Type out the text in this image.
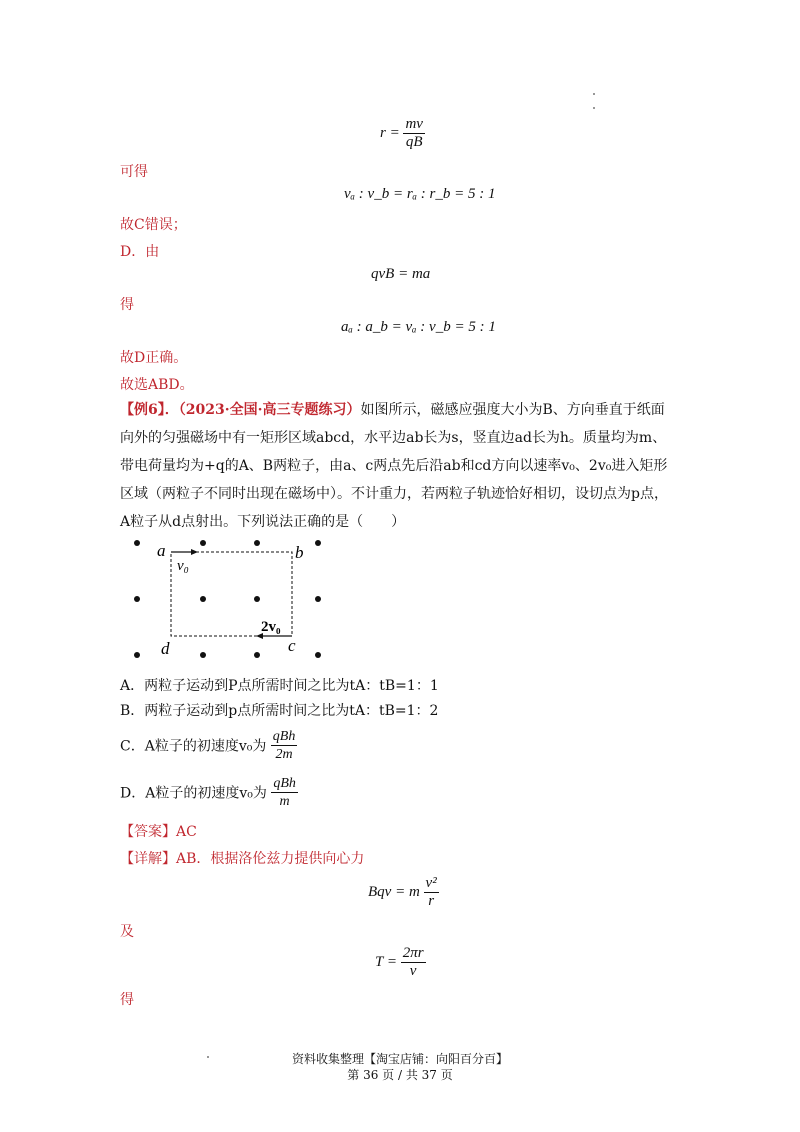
$r = \frac{mv}{qB}$
可得
vₐ : v_b = rₐ : r_b = 5 : 1
故C错误；
D．由
qvB = ma
得
aₐ : a_b = vₐ : v_b = 5 : 1
故D正确。
故选ABD。
【例6】．（2023·全国·高三专题练习）如图所示，磁感应强度大小为B、方向垂直于纸面
向外的匀强磁场中有一矩形区域abcd，水平边ab长为s，竖直边ad长为h。质量均为m、
带电荷量均为+q的A、B两粒子，由a、c两点先后沿ab和cd方向以速率v₀、2v₀进入矩形
区域（两粒子不同时出现在磁场中）。不计重力，若两粒子轨迹恰好相切，设切点为p点，
A粒子从d点射出。下列说法正确的是（　　）
a	b
v₀
2v₀
c
d
A．两粒子运动到P点所需时间之比为tA：tB=1：1
B．两粒子运动到p点所需时间之比为tA：tB=1：2
C．A粒子的初速度v₀为 $\frac{\text{qBh}}{2m}$
D．A粒子的初速度v₀为 $\frac{\text{qBh}}{m}$
【答案】AC
【详解】AB．根据洛伦兹力提供向心力
Bqv = m $\frac{\text{v²}}{r}$
及
$T = \frac{2\pi r}{v}$
得
资料收集整理【淘宝店铺：向阳百分百】
第 36 页 / 共 37 页
